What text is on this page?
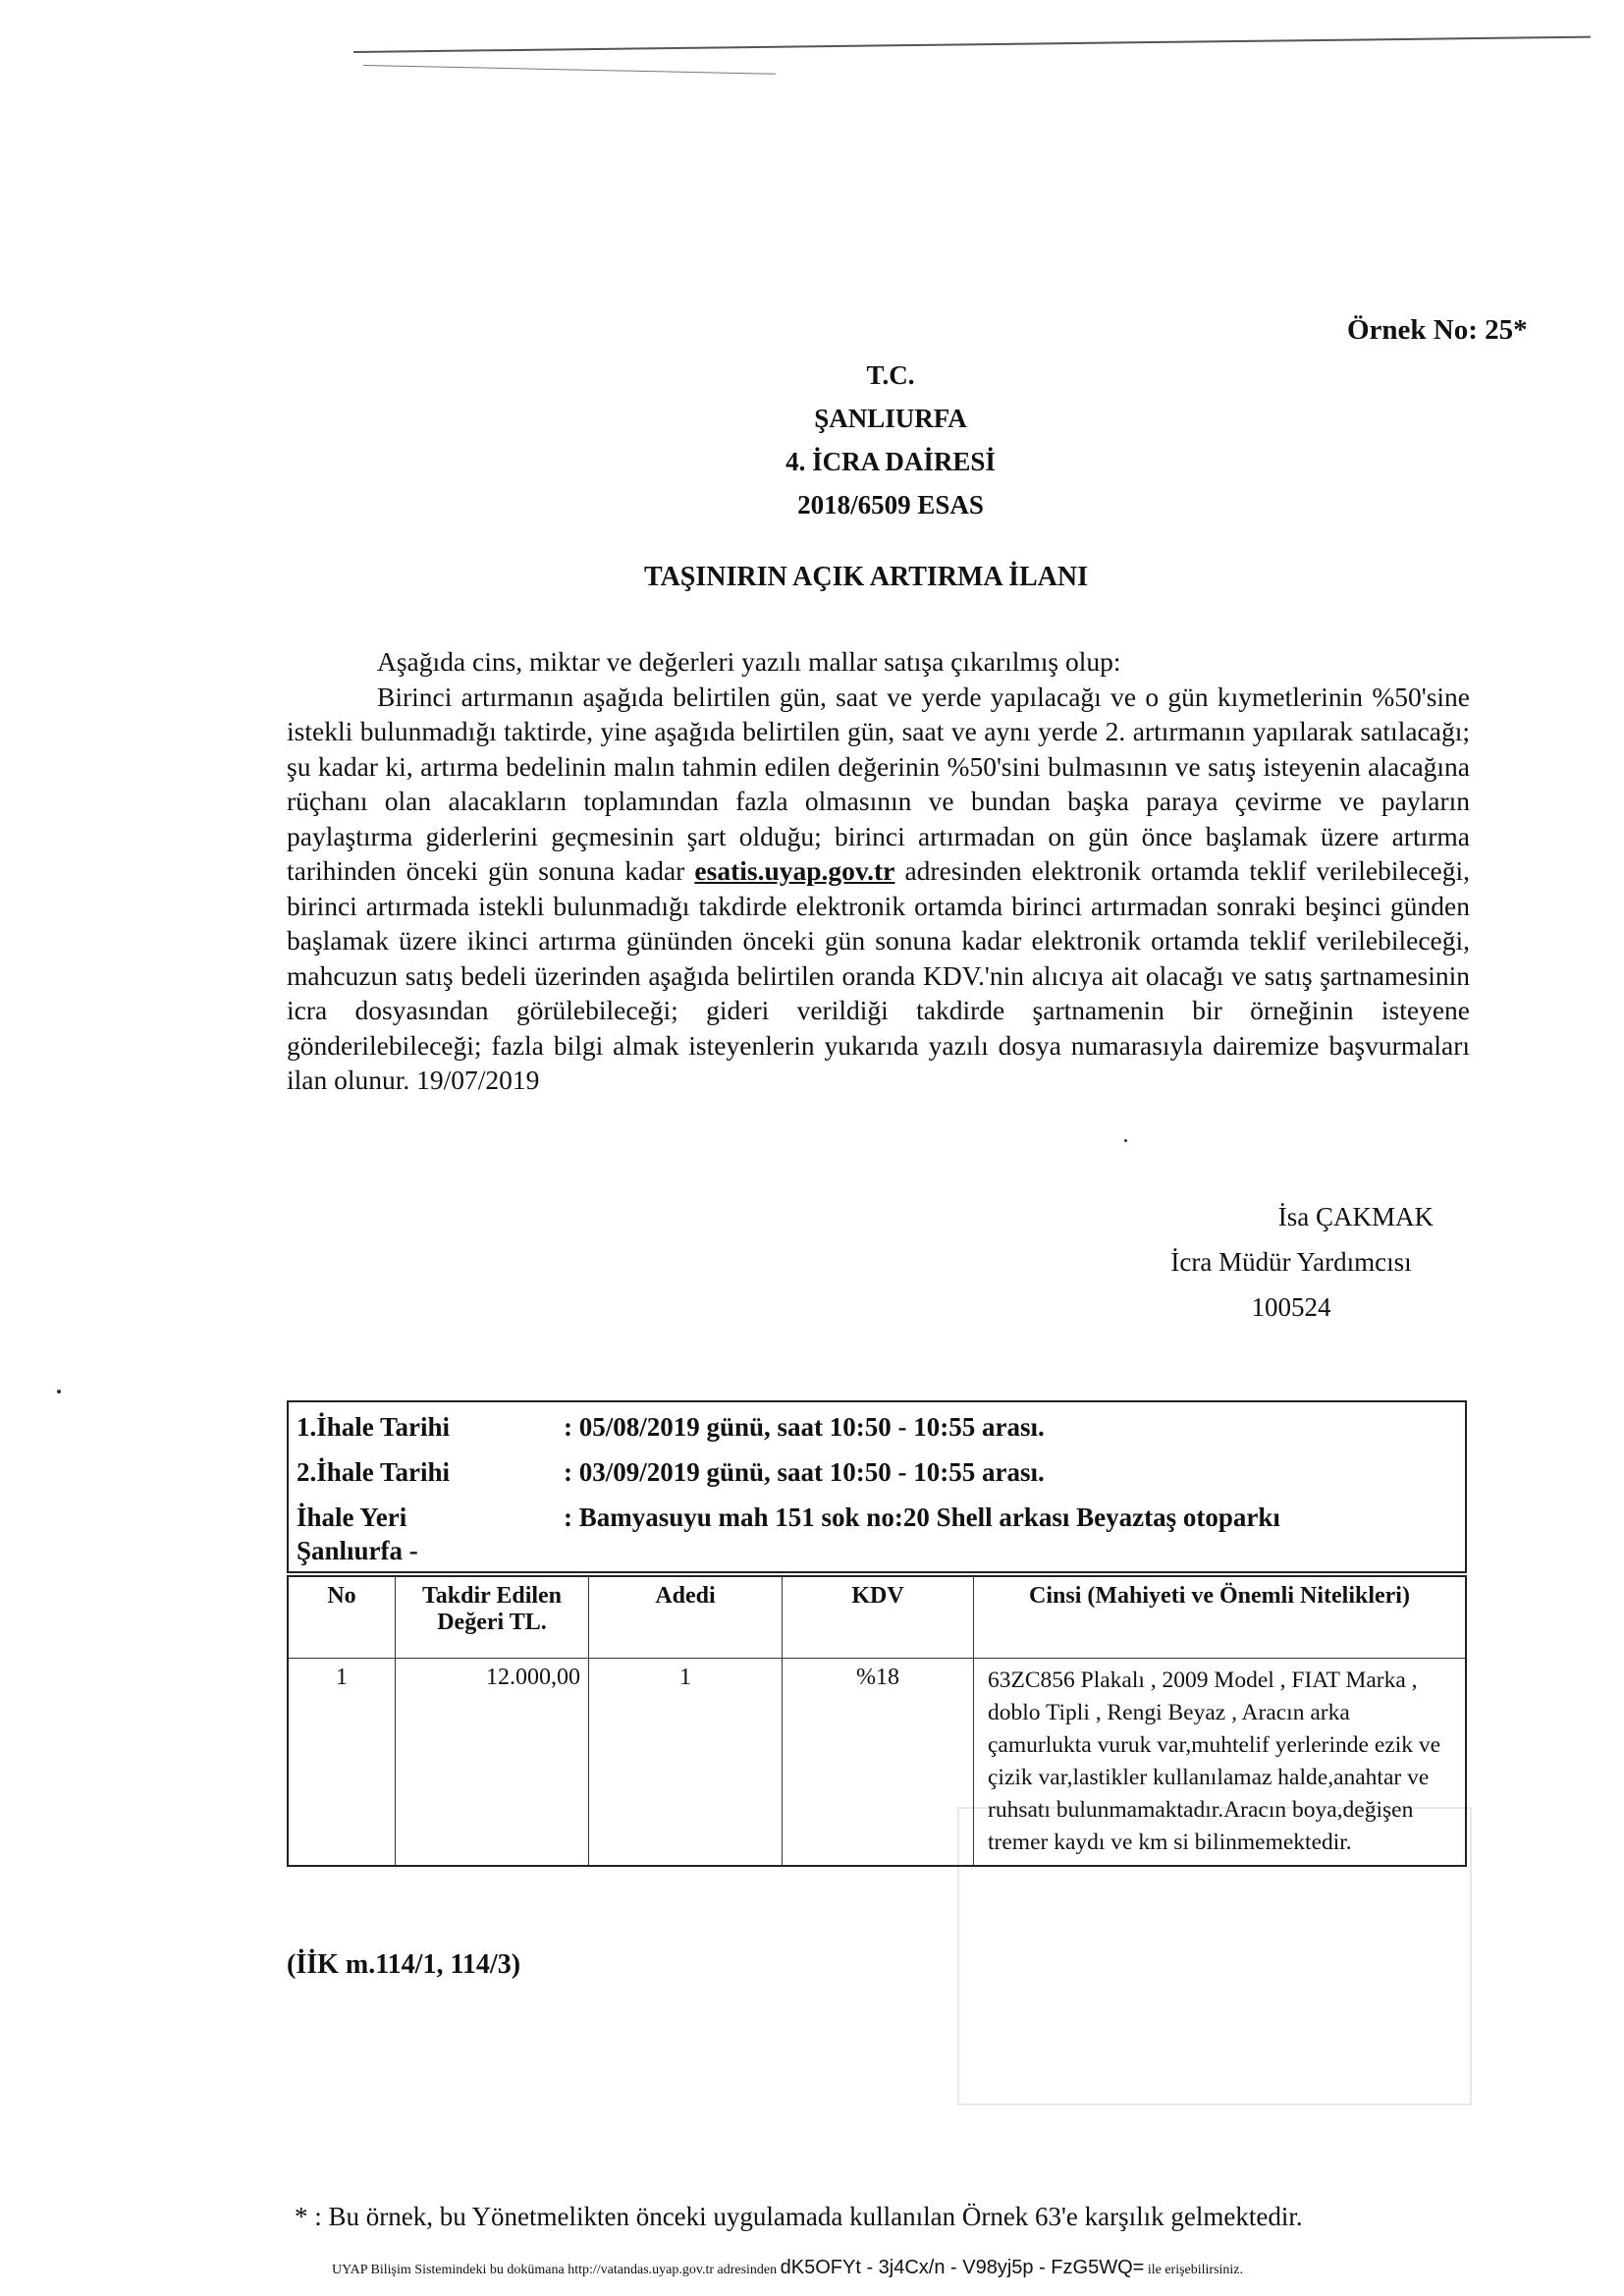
Örnek No: 25*
T.C.
ŞANLIURFA
4. İCRA DAİRESİ
2018/6509 ESAS
TAŞINIRIN AÇIK ARTIRMA İLANI

Aşağıda cins, miktar ve değerleri yazılı mallar satışa çıkarılmış olup:

Birinci artırmanın aşağıda belirtilen gün, saat ve yerde yapılacağı ve o gün kıymetlerinin %50'sine istekli bulunmadığı taktirde, yine aşağıda belirtilen gün, saat ve aynı yerde 2. artırmanın yapılarak satılacağı; şu kadar ki, artırma bedelinin malın tahmin edilen değerinin %50'sini bulmasının ve satış isteyenin alacağına rüçhanı olan alacakların toplamından fazla olmasının ve bundan başka paraya çevirme ve payların paylaştırma giderlerini geçmesinin şart olduğu; birinci artırmadan on gün önce başlamak üzere artırma tarihinden önceki gün sonuna kadar esatis.uyap.gov.tr adresinden elektronik ortamda teklif verilebileceği, birinci artırmada istekli bulunmadığı takdirde elektronik ortamda birinci artırmadan sonraki beşinci günden başlamak üzere ikinci artırma gününden önceki gün sonuna kadar elektronik ortamda teklif verilebileceği, mahcuzun satış bedeli üzerinden aşağıda belirtilen oranda KDV.'nin alıcıya ait olacağı ve satış şartnamesinin icra dosyasından görülebileceği; gideri verildiği takdirde şartnamenin bir örneğinin isteyene gönderilebileceği; fazla bilgi almak isteyenlerin yukarıda yazılı dosya numarasıyla dairemize başvurmaları ilan olunur. 19/07/2019

İsa ÇAKMAK
İcra Müdür Yardımcısı
100524
1.İhale Tarihi	: 05/08/2019 günü, saat 10:50 - 10:55 arası.
2.İhale Tarihi	: 03/09/2019 günü, saat 10:50 - 10:55 arası.
İhale Yeri	: Bamyasuyu mah 151 sok no:20 Shell arkası Beyaztaş otoparkı
Şanlıurfa -
No	Takdir Edilen Değeri TL.	Adedi	KDV	Cinsi (Mahiyeti ve Önemli Nitelikleri)
1	12.000,00	1	%18	63ZC856 Plakalı , 2009 Model , FIAT Marka , doblo Tipli , Rengi Beyaz , Aracın arka çamurlukta vuruk var,muhtelif yerlerinde ezik ve çizik var,lastikler kullanılamaz halde,anahtar ve ruhsatı bulunmamaktadır.Aracın boya,değişen tremer kaydı ve km si bilinmemektedir.
(İİK m.114/1, 114/3)
* : Bu örnek, bu Yönetmelikten önceki uygulamada kullanılan Örnek 63'e karşılık gelmektedir.
UYAP Bilişim Sistemindeki bu dokümana http://vatandas.uyap.gov.tr adresinden dK5OFYt - 3j4Cx/n - V98yj5p - FzG5WQ= ile erişebilirsiniz.
